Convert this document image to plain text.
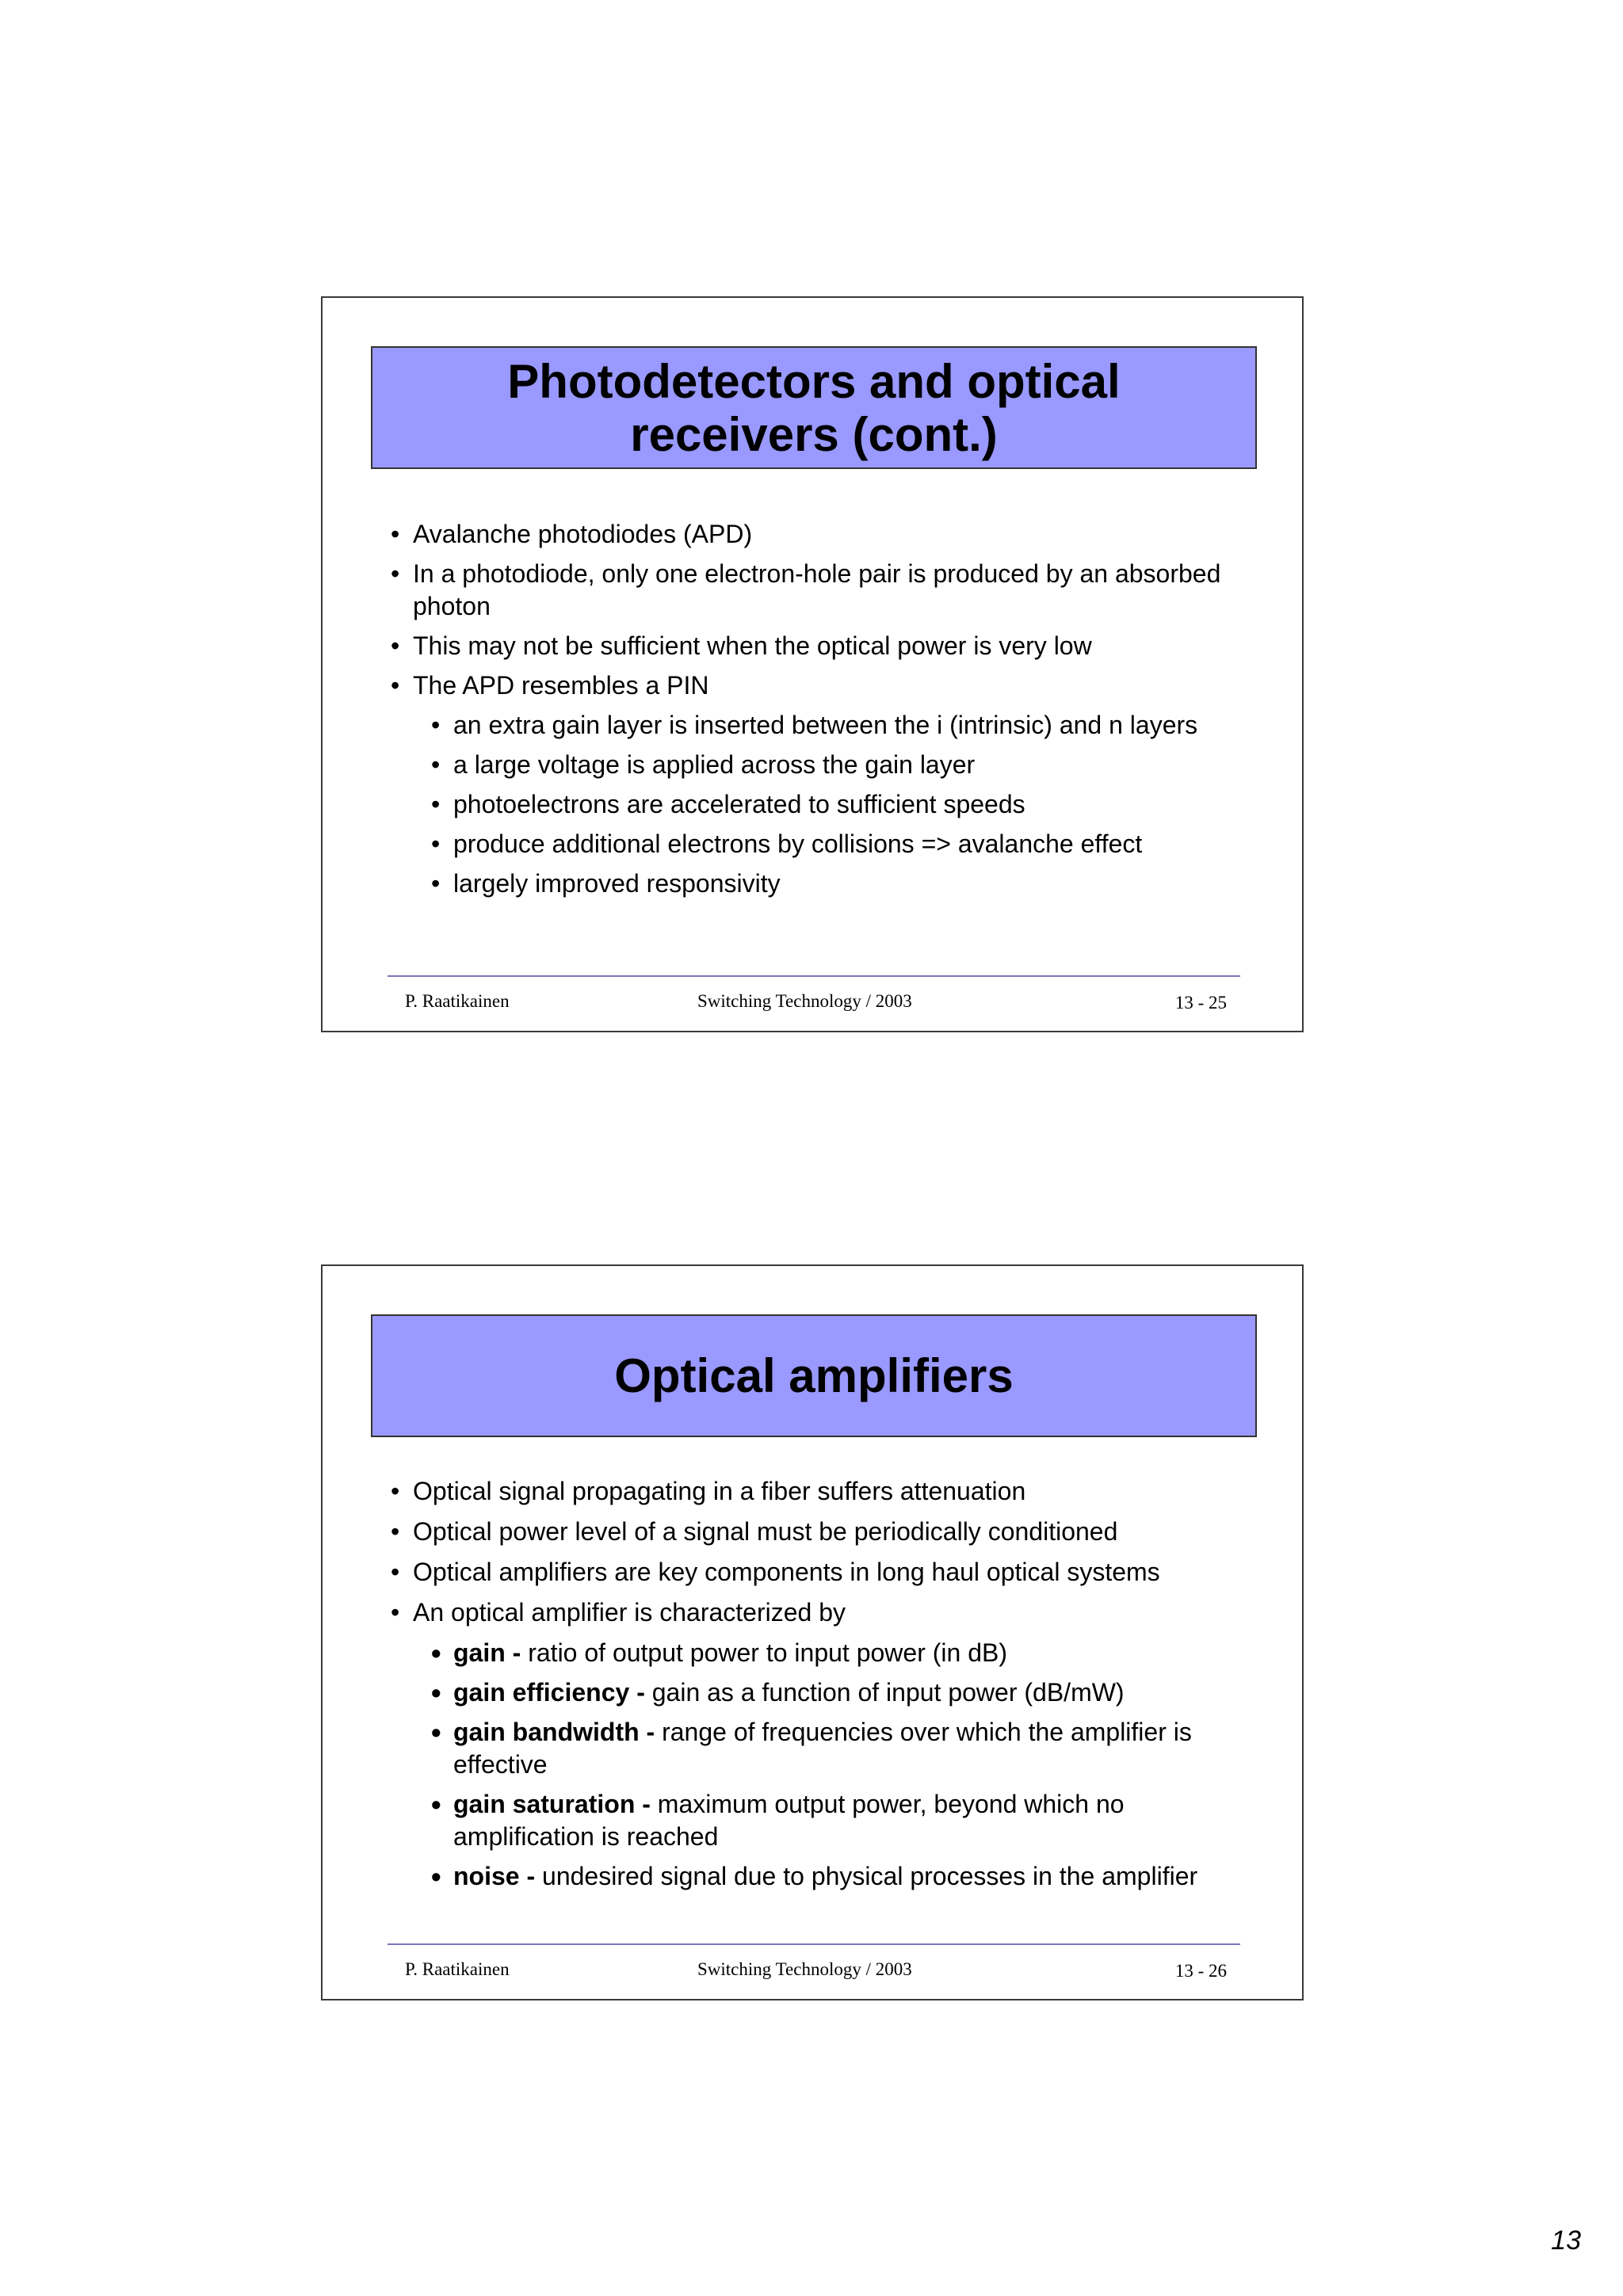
Photodetectors and optical
receivers (cont.)
• Avalanche photodiodes (APD)
• In a photodiode, only one electron-hole pair is produced by an absorbed photon
• This may not be sufficient when the optical power is very low
• The APD resembles a PIN
• an extra gain layer is inserted between the i (intrinsic) and n layers
• a large voltage is applied across the gain layer
• photoelectrons are accelerated to sufficient speeds
• produce additional electrons by collisions => avalanche effect
• largely improved responsivity
P. Raatikainen	Switching Technology / 2003	13 - 25
Optical amplifiers
• Optical signal propagating in a fiber suffers attenuation
• Optical power level of a signal must be periodically conditioned
• Optical amplifiers are key components in long haul optical systems
• An optical amplifier is characterized by
• gain - ratio of output power to input power (in dB)
• gain efficiency - gain as a function of input power (dB/mW)
• gain bandwidth - range of frequencies over which the amplifier is effective
• gain saturation - maximum output power, beyond which no amplification is reached
• noise - undesired signal due to physical processes in the amplifier
P. Raatikainen	Switching Technology / 2003	13 - 26
13
